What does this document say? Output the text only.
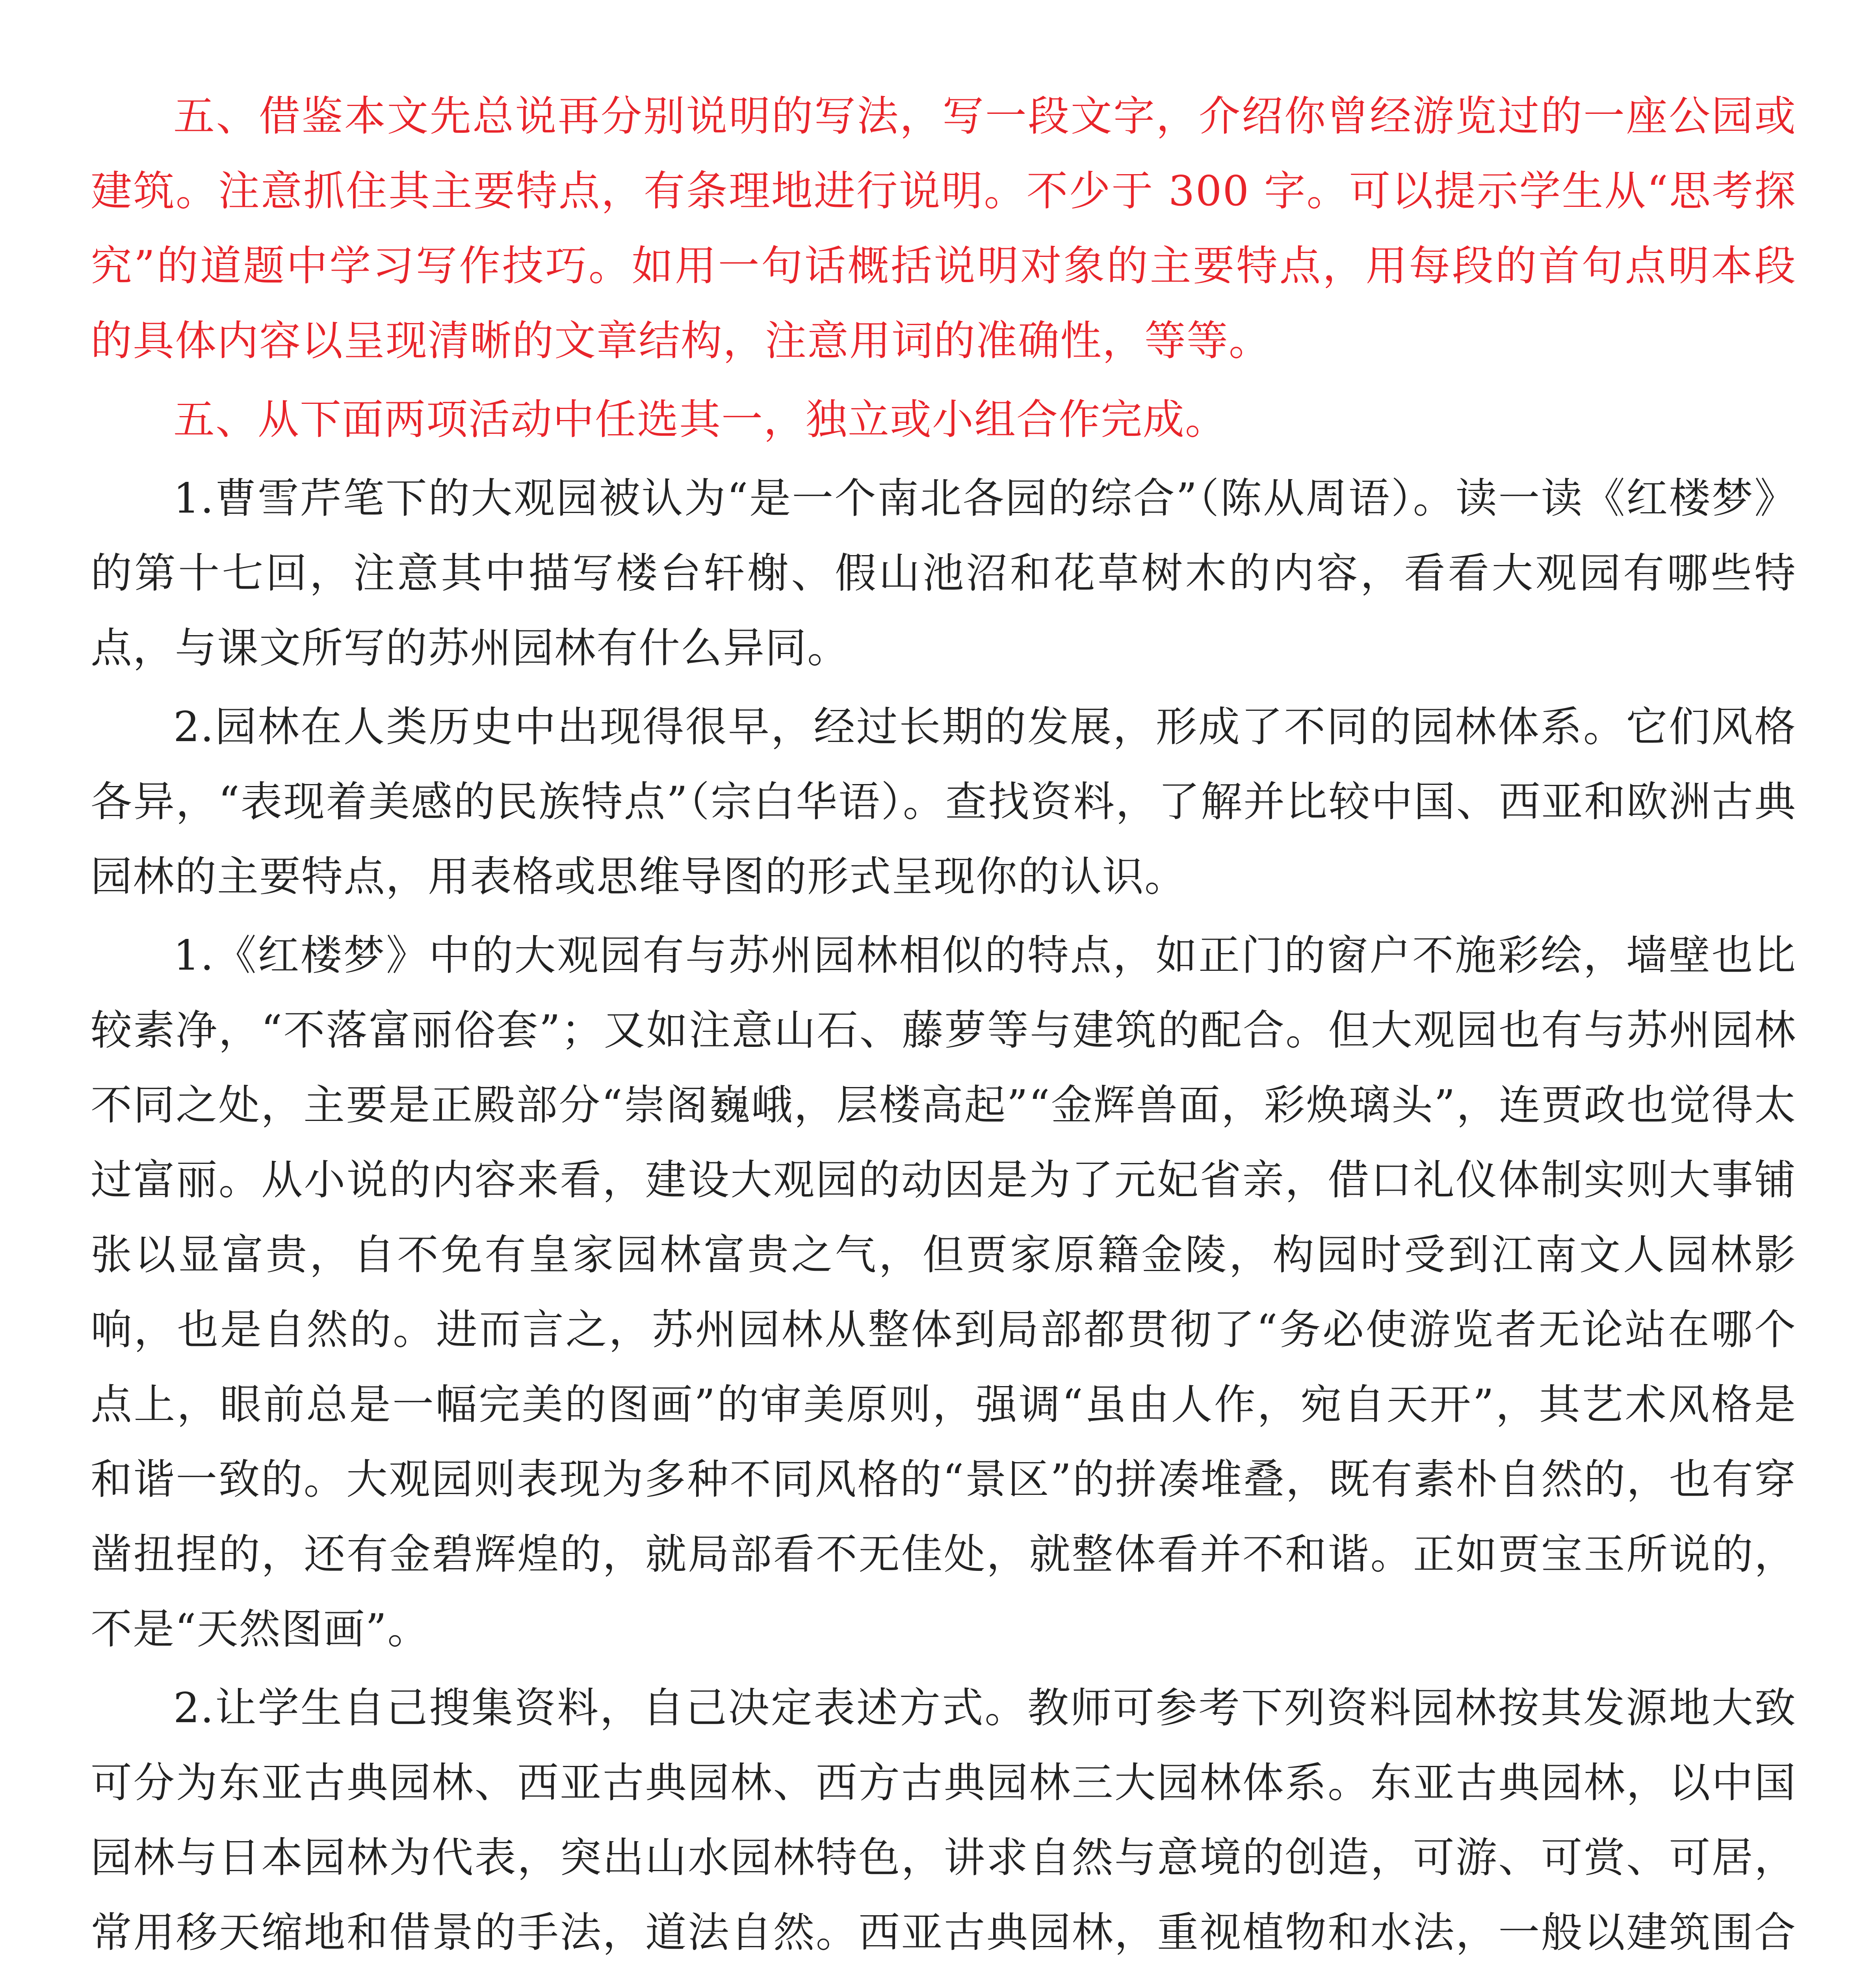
五、借鉴本文先总说再分别说明的写法，写一段文字，介绍你曾经游览过的一座公园或建筑。注意抓住其主要特点，有条理地进行说明。不少于 300 字。可以提示学生从“思考探究”的道题中学习写作技巧。如用一句话概括说明对象的主要特点，用每段的首句点明本段的具体内容以呈现清晰的文章结构，注意用词的准确性，等等。

五、从下面两项活动中任选其一，独立或小组合作完成。

1.曹雪芹笔下的大观园被认为“是一个南北各园的综合”（陈从周语）。读一读《红楼梦》的第十七回，注意其中描写楼台轩榭、假山池沼和花草树木的内容，看看大观园有哪些特点，与课文所写的苏州园林有什么异同。

2.园林在人类历史中出现得很早，经过长期的发展，形成了不同的园林体系。它们风格各异，“表现着美感的民族特点”（宗白华语）。查找资料，了解并比较中国、西亚和欧洲古典园林的主要特点，用表格或思维导图的形式呈现你的认识。

1.《红楼梦》中的大观园有与苏州园林相似的特点，如正门的窗户不施彩绘，墙壁也比较素净，“不落富丽俗套”；又如注意山石、藤萝等与建筑的配合。但大观园也有与苏州园林不同之处，主要是正殿部分“崇阁巍峨，层楼高起”“金辉兽面，彩焕璃头”，连贾政也觉得太过富丽。从小说的内容来看，建设大观园的动因是为了元妃省亲，借口礼仪体制实则大事铺张以显富贵，自不免有皇家园林富贵之气，但贾家原籍金陵，构园时受到江南文人园林影响，也是自然的。进而言之，苏州园林从整体到局部都贯彻了“务必使游览者无论站在哪个点上，眼前总是一幅完美的图画”的审美原则，强调“虽由人作，宛自天开”，其艺术风格是和谐一致的。大观园则表现为多种不同风格的“景区”的拼凑堆叠，既有素朴自然的，也有穿凿扭捏的，还有金碧辉煌的，就局部看不无佳处，就整体看并不和谐。正如贾宝玉所说的，不是“天然图画”。

2.让学生自己搜集资料，自己决定表述方式。教师可参考下列资料园林按其发源地大致可分为东亚古典园林、西亚古典园林、西方古典园林三大园林体系。东亚古典园林，以中国园林与日本园林为代表，突出山水园林特色，讲求自然与意境的创造，可游、可赏、可居，常用移天缩地和借景的手法，道法自然。西亚古典园林，重视植物和水法，一般以建筑围合
